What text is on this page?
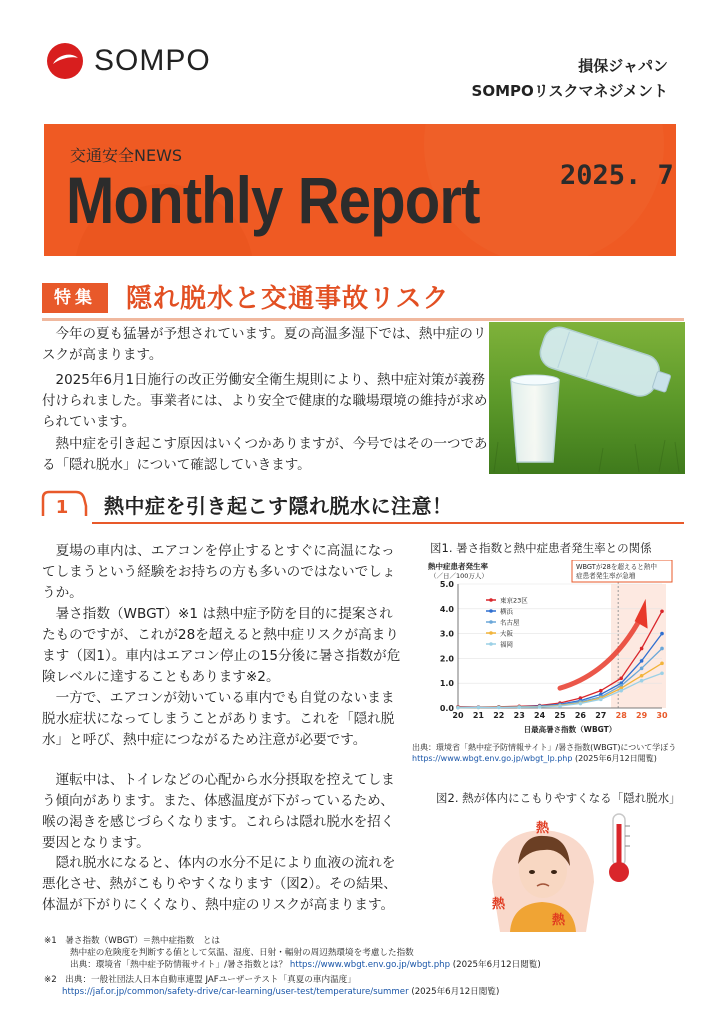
SOMPO	損保ジャパン
SOMPOリスクマネジメント
交通安全NEWS
Monthly Report	2025. 7
特集	隠れ脱水と交通事故リスク

今年の夏も猛暑が予想されています。夏の高温多湿下では、熱中症のリスクが高まります。

2025年6月1日施行の改正労働安全衛生規則により、熱中症対策が義務付けられました。事業者には、より安全で健康的な職場環境の維持が求められています。

熱中症を引き起こす原因はいくつかありますが、今号ではその一つである「隠れ脱水」について確認していきます。

1 熱中症を引き起こす隠れ脱水に注意！

夏場の車内は、エアコンを停止するとすぐに高温になってしまうという経験をお持ちの方も多いのではないでしょうか。

暑さ指数（WBGT）※1 は熱中症予防を目的に提案されたものですが、これが28を超えると熱中症リスクが高まります（図1）。車内はエアコン停止の15分後に暑さ指数が危険レベルに達することもあります※2。

一方で、エアコンが効いている車内でも自覚のないまま脱水症状になってしまうことがあります。これを「隠れ脱水」と呼び、熱中症につながるため注意が必要です。

運転中は、トイレなどの心配から水分摂取を控えてしまう傾向があります。また、体感温度が下がっているため、喉の渇きを感じづらくなります。これらは隠れ脱水を招く要因となります。

隠れ脱水になると、体内の水分不足により血液の流れを悪化させ、熱がこもりやすくなります（図2）。その結果、体温が下がりにくくなり、熱中症のリスクが高まります。

図1. 暑さ指数と熱中症患者発生率との関係
熱中症患者発生率
（／日／100万人）
WBGTが28を超えると熱中
症患者発生率が急増
0.0
1.0
2.0
3.0
4.0
5.0
20 21 22 23 24 25 26 27 28 29 30
日最高暑さ指数（WBGT）
東京23区
横浜
名古屋
大阪
福岡
出典：環境省「熱中症予防情報サイト」/暑さ指数(WBGT)について学ぼう
https://www.wbgt.env.go.jp/wbgt_lp.php (2025年6月12日閲覧)
図2. 熱が体内にこもりやすくなる「隠れ脱水」
熱
熱
熱
※1　暑さ指数（WBGT）＝熱中症指数　とは
熱中症の危険度を判断する値として気温、湿度、日射・輻射の周辺熱環境を考慮した指数
出典：環境省「熱中症予防情報サイト」/暑さ指数とは？ https://www.wbgt.env.go.jp/wbgt.php (2025年6月12日閲覧)
※2　出典：一般社団法人日本自動車連盟 JAFユーザーテスト「真夏の車内温度」
https://jaf.or.jp/common/safety-drive/car-learning/user-test/temperature/summer (2025年6月12日閲覧)
